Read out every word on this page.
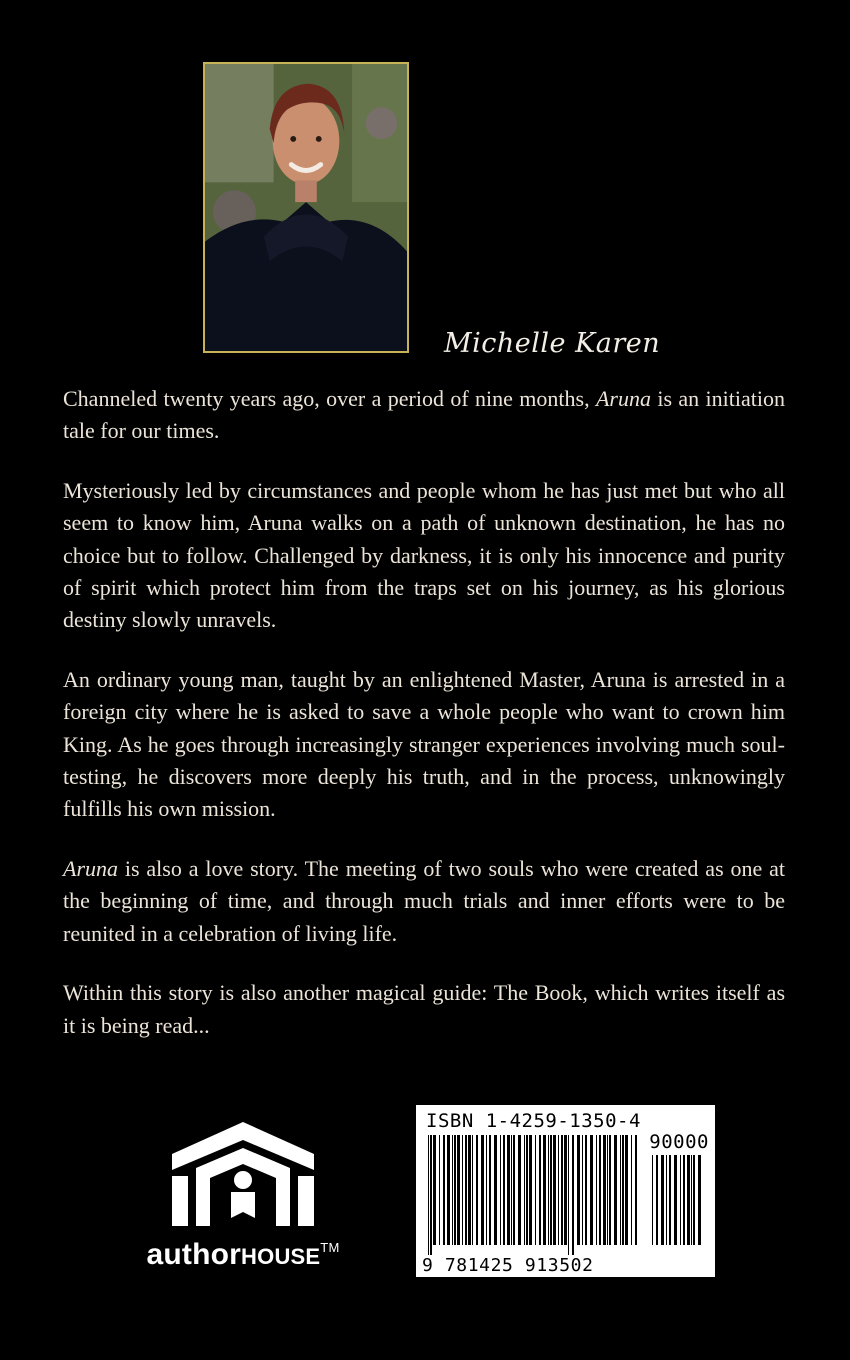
Michelle Karen

Channeled twenty years ago, over a period of nine months, Aruna is an initiation tale for our times.

Mysteriously led by circumstances and people whom he has just met but who all seem to know him, Aruna walks on a path of unknown destination, he has no choice but to follow. Challenged by darkness, it is only his innocence and purity of spirit which protect him from the traps set on his journey, as his glorious destiny slowly unravels.

An ordinary young man, taught by an enlightened Master, Aruna is arrested in a foreign city where he is asked to save a whole people who want to crown him King. As he goes through increasingly stranger experiences involving much soul-testing, he discovers more deeply his truth, and in the process, unknowingly fulfills his own mission.

Aruna is also a love story. The meeting of two souls who were created as one at the beginning of time, and through much trials and inner efforts were to be reunited in a celebration of living life.

Within this story is also another magical guide: The Book, which writes itself as it is being read...

authorHOUSE™
ISBN 1-4259-1350-4
90000
9 781425 913502
